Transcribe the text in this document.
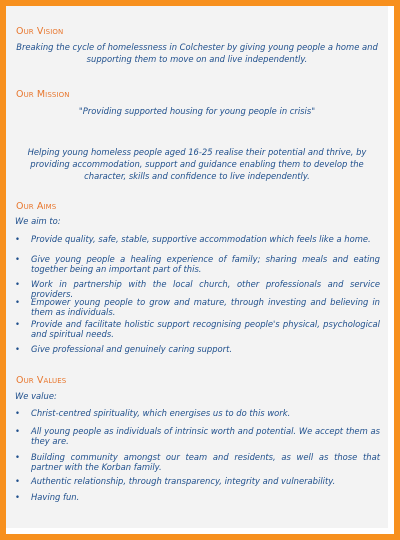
Our Vision

Breaking the cycle of homelessness in Colchester by giving young people a home and supporting them to move on and live independently.

Our Mission

"Providing supported housing for young people in crisis"

Helping young homeless people aged 16-25 realise their potential and thrive, by providing accommodation, support and guidance enabling them to develop the character, skills and confidence to live independently.

Our Aims

We aim to:

• Provide quality, safe, stable, supportive accommodation which feels like a home.
• Give young people a healing experience of family; sharing meals and eating together being an important part of this.
• Work in partnership with the local church, other professionals and service providers.
• Empower young people to grow and mature, through investing and believing in them as individuals.
• Provide and facilitate holistic support recognising people's physical, psychological and spiritual needs.
• Give professional and genuinely caring support.
Our Values

We value:

• Christ-centred spirituality, which energises us to do this work.
• All young people as individuals of intrinsic worth and potential. We accept them as they are.
• Building community amongst our team and residents, as well as those that partner with the Korban family.
• Authentic relationship, through transparency, integrity and vulnerability.
• Having fun.
